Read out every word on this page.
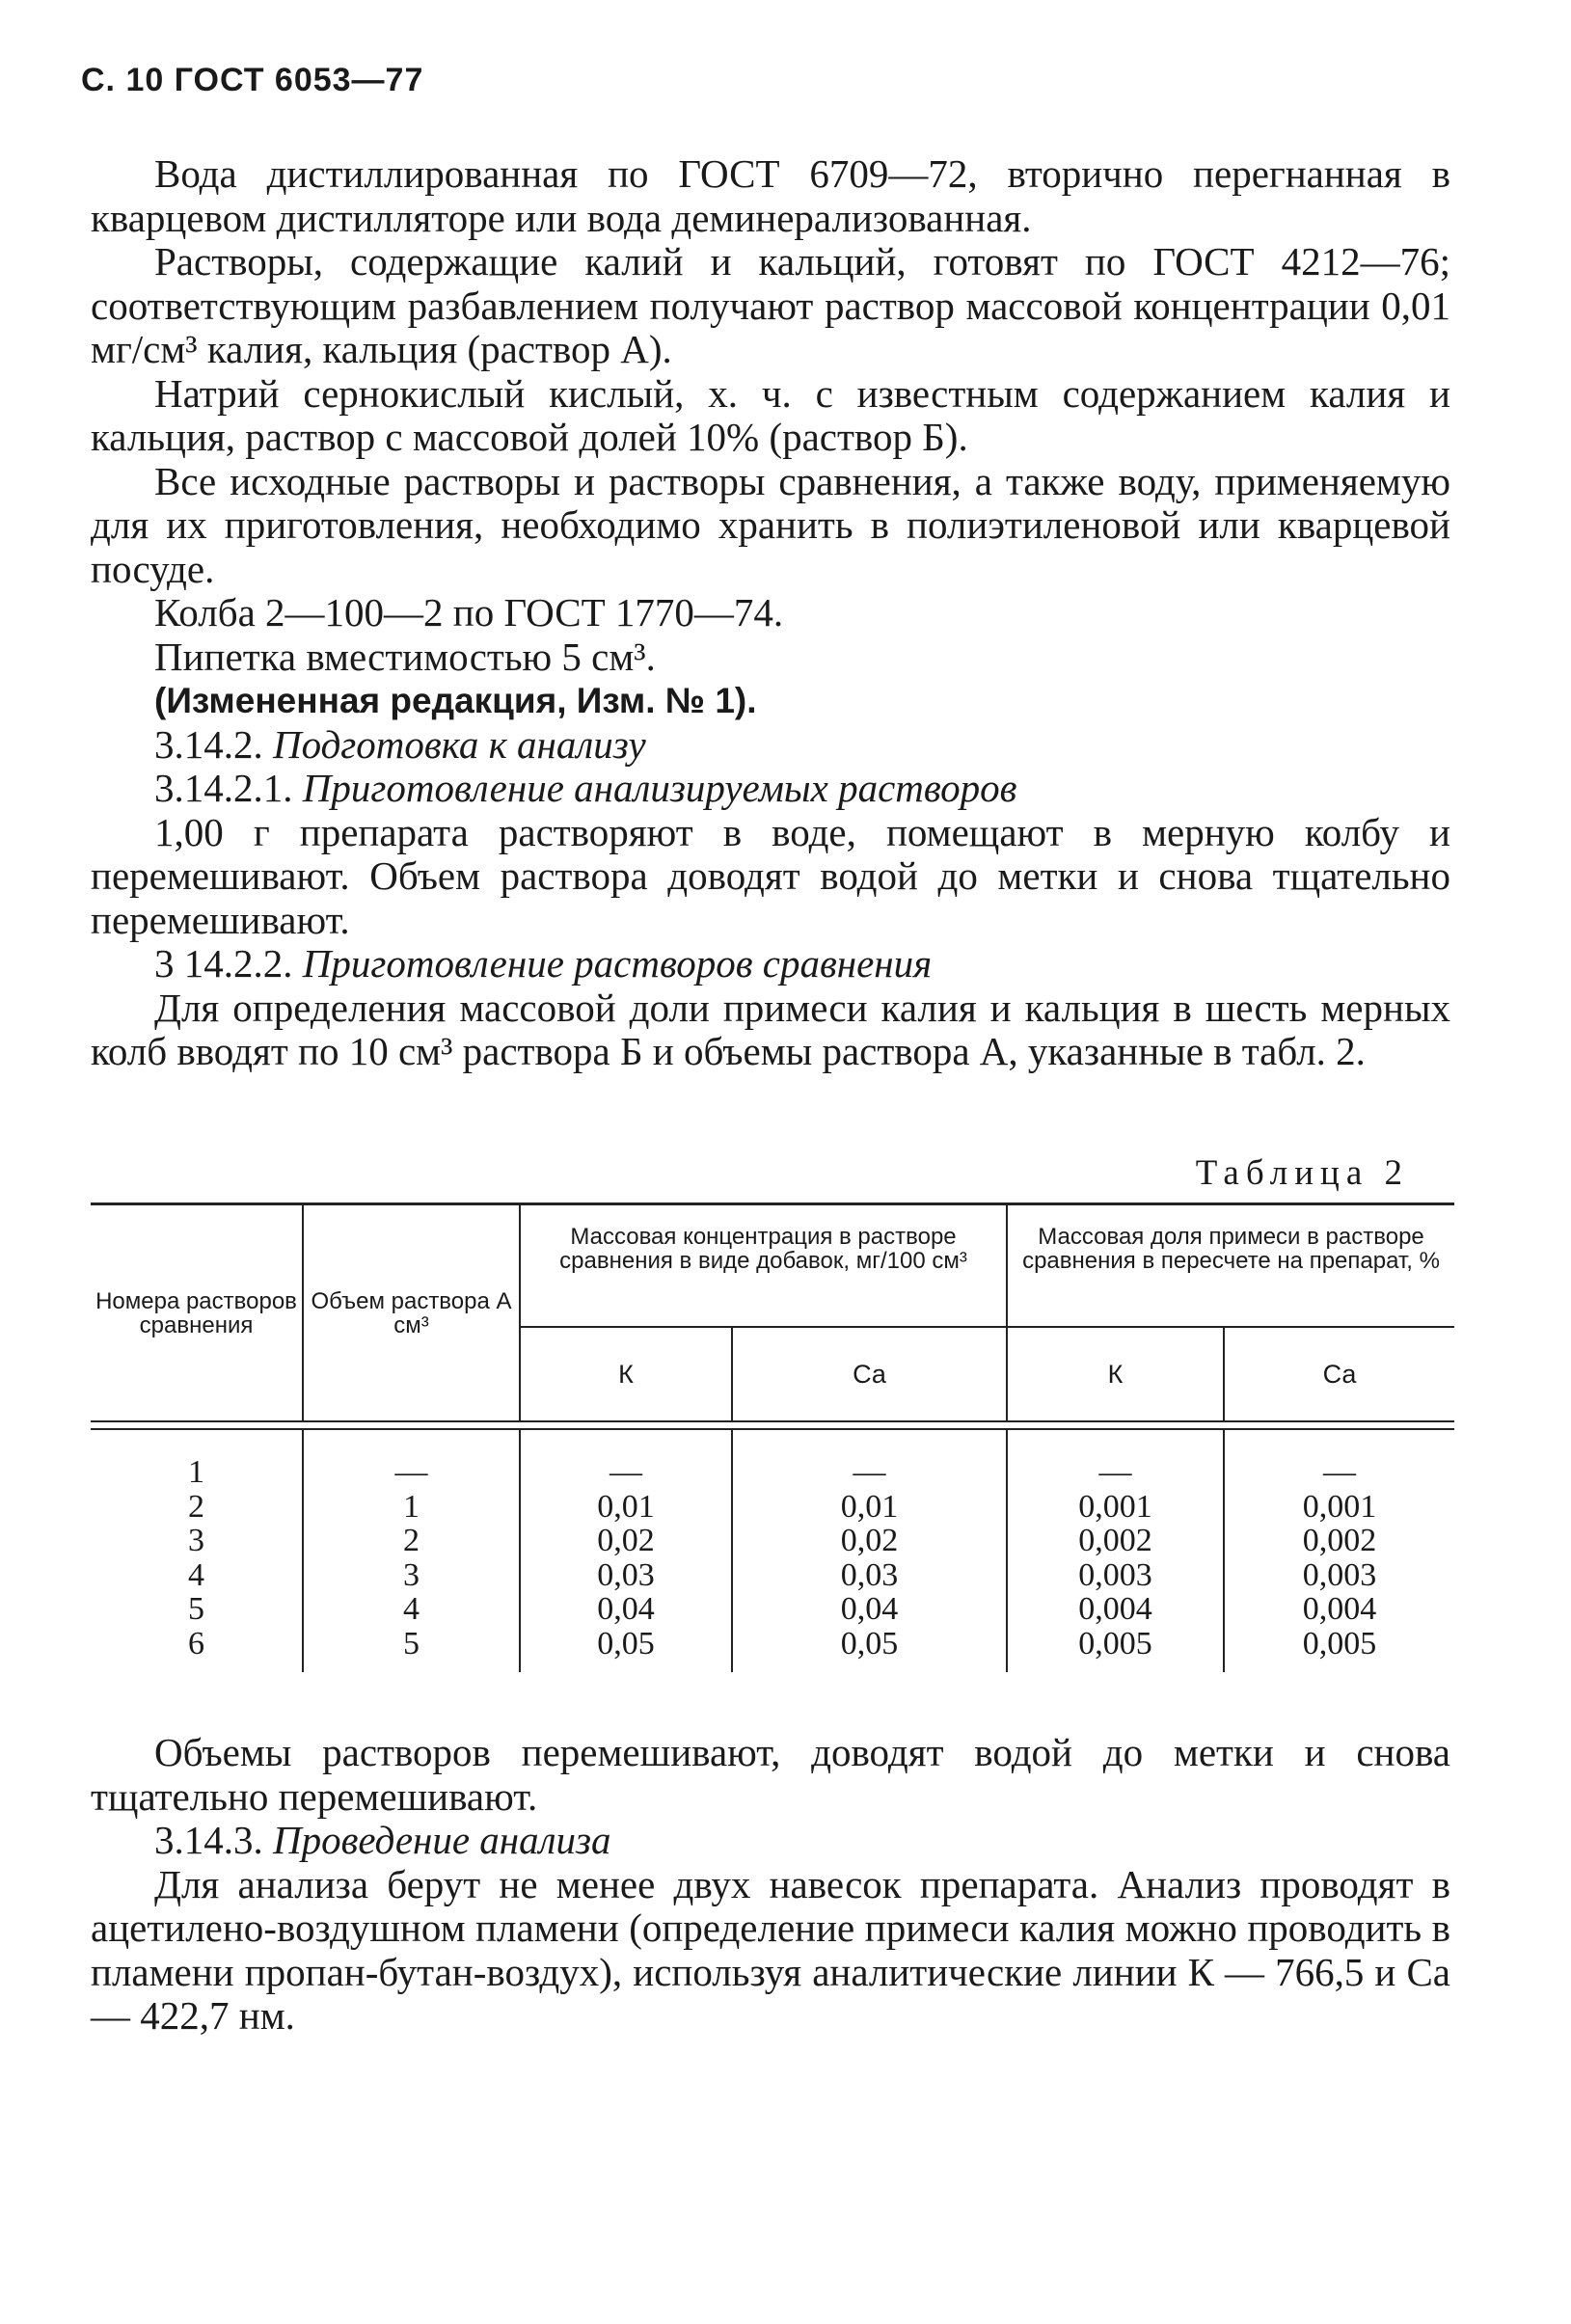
С. 10 ГОСТ 6053—77

Вода дистиллированная по ГОСТ 6709—72, вторично перегнанная в кварцевом дистилляторе или вода деминерализованная.

Растворы, содержащие калий и кальций, готовят по ГОСТ 4212—76; соответствующим разбавлением получают раствор массовой концентрации 0,01 мг/см³ калия, кальция (раствор А).

Натрий сернокислый кислый, х. ч. с известным содержанием калия и кальция, раствор с массовой долей 10% (раствор Б).

Все исходные растворы и растворы сравнения, а также воду, применяемую для их приготовления, необходимо хранить в полиэтиленовой или кварцевой посуде.

Колба 2—100—2 по ГОСТ 1770—74.

Пипетка вместимостью 5 см³.

(Измененная редакция, Изм. № 1).

3.14.2. Подготовка к анализу

3.14.2.1. Приготовление анализируемых растворов

1,00 г препарата растворяют в воде, помещают в мерную колбу и перемешивают. Объем раствора доводят водой до метки и снова тщательно перемешивают.

3 14.2.2. Приготовление растворов сравнения

Для определения массовой доли примеси калия и кальция в шесть мерных колб вводят по 10 см³ раствора Б и объемы раствора А, указанные в табл. 2.

Таблица 2
Номера растворов сравнения	Объем раствора А см³	Массовая концентрация в растворе сравнения в виде добавок, мг/100 см³		Массовая доля примеси в растворе сравнения в пересчете на препарат, %	
		К	Са	К	Са

1	—	—	—	—	—
2	1	0,01	0,01	0,001	0,001
3	2	0,02	0,02	0,002	0,002
4	3	0,03	0,03	0,003	0,003
5	4	0,04	0,04	0,004	0,004
6	5	0,05	0,05	0,005	0,005

Объемы растворов перемешивают, доводят водой до метки и снова тщательно перемешивают.

3.14.3. Проведение анализа

Для анализа берут не менее двух навесок препарата. Анализ проводят в ацетилено-воздушном пламени (определение примеси калия можно проводить в пламени пропан-бутан-воздух), используя аналитические линии К — 766,5 и Са — 422,7 нм.
